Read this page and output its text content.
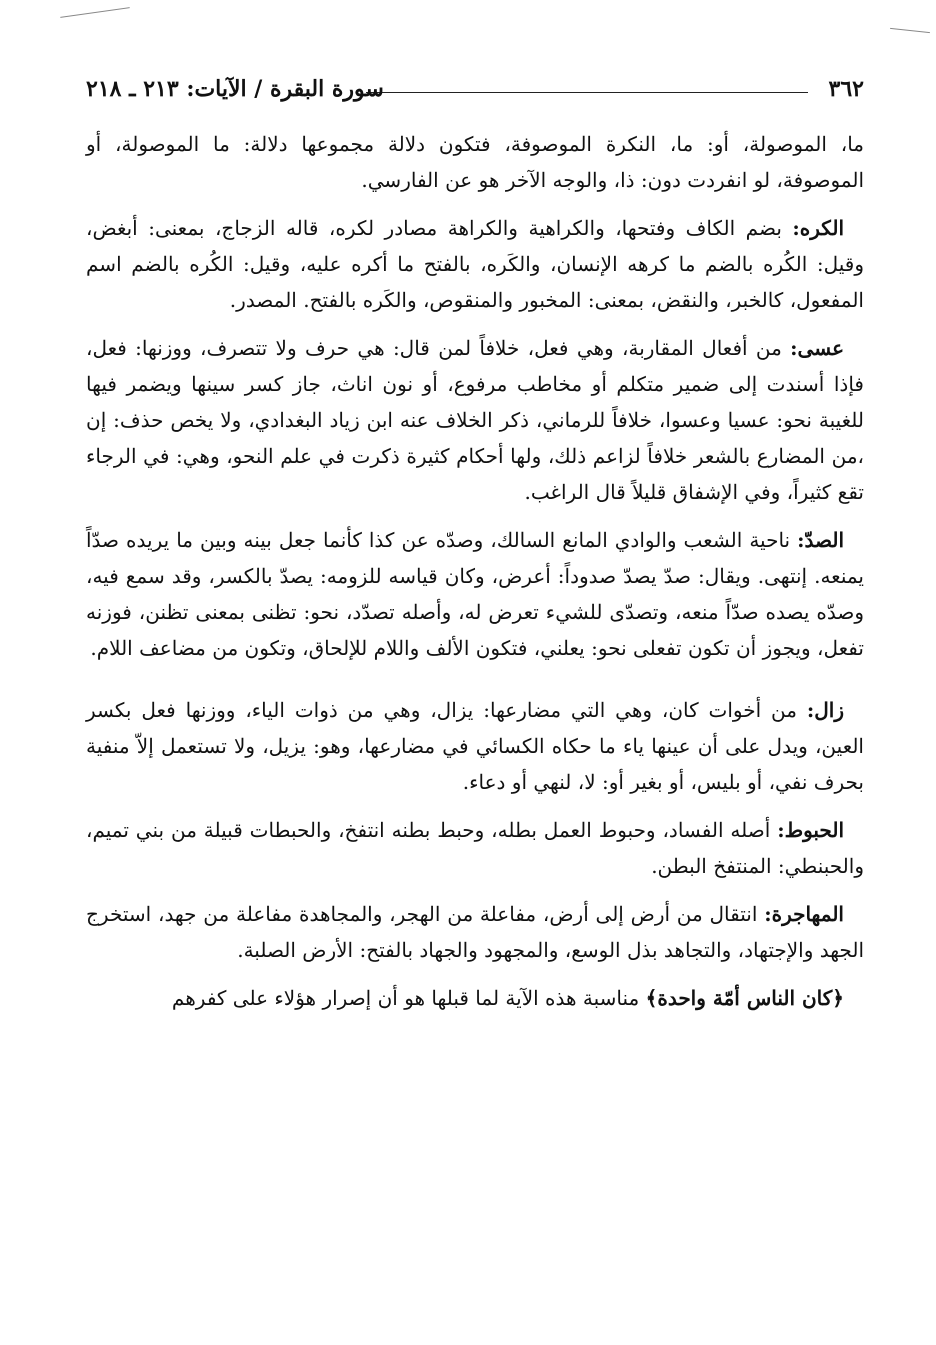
٣٦٢
سورة البقرة / الآيات: ٢١٣ ـ ٢١٨

ما، الموصولة، أو: ما، النكرة الموصوفة، فتكون دلالة مجموعها دلالة: ما الموصولة، أو الموصوفة، لو انفردت دون: ذا، والوجه الآخر هو عن الفارسي.

الكره: بضم الكاف وفتحها، والكراهية والكراهة مصادر لكره، قاله الزجاج، بمعنى: أبغض، وقيل: الكُره بالضم ما كرهه الإنسان، والكَره، بالفتح ما أكره عليه، وقيل: الكُره بالضم اسم المفعول، كالخبر، والنقض، بمعنى: المخبور والمنقوص، والكَره بالفتح. المصدر.

عسى: من أفعال المقاربة، وهي فعل، خلافاً لمن قال: هي حرف ولا تتصرف، ووزنها: فعل، فإذا أسندت إلى ضمير متكلم أو مخاطب مرفوع، أو نون اناث، جاز كسر سينها ويضمر فيها للغيبة نحو: عسيا وعسوا، خلافاً للرماني، ذكر الخلاف عنه ابن زياد البغدادي، ولا يخص حذف: إن ،من المضارع بالشعر خلافاً لزاعم ذلك، ولها أحكام كثيرة ذكرت في علم النحو، وهي: في الرجاء تقع كثيراً، وفي الإشفاق قليلاً قال الراغب.

الصدّ: ناحية الشعب والوادي المانع السالك، وصدّه عن كذا كأنما جعل بينه وبين ما يريده صدّاً يمنعه. إنتهى. ويقال: صدّ يصدّ صدوداً: أعرض، وكان قياسه للزومه: يصدّ بالكسر، وقد سمع فيه، وصدّه يصده صدّاً منعه، وتصدّى للشيء تعرض له، وأصله تصدّد، نحو: تظنى بمعنى تظنن، فوزنه تفعل، ويجوز أن تكون تفعلى نحو: يعلني، فتكون الألف واللام للإلحاق، وتكون من مضاعف اللام.

زال: من أخوات كان، وهي التي مضارعها: يزال، وهي من ذوات الياء، ووزنها فعل بكسر العين، ويدل على أن عينها ياء ما حكاه الكسائي في مضارعها، وهو: يزيل، ولا تستعمل إلاّ منفية بحرف نفي، أو بليس، أو بغير أو: لا، لنهي أو دعاء.

الحبوط: أصله الفساد، وحبوط العمل بطله، وحبط بطنه انتفخ، والحبطات قبيلة من بني تميم، والحبنطي: المنتفخ البطن.

المهاجرة: انتقال من أرض إلى أرض، مفاعلة من الهجر، والمجاهدة مفاعلة من جهد، استخرج الجهد والإجتهاد، والتجاهد بذل الوسع، والمجهود والجهاد بالفتح: الأرض الصلبة.

﴿كان الناس أمّة واحدة﴾ مناسبة هذه الآية لما قبلها هو أن إصرار هؤلاء على كفرهم
